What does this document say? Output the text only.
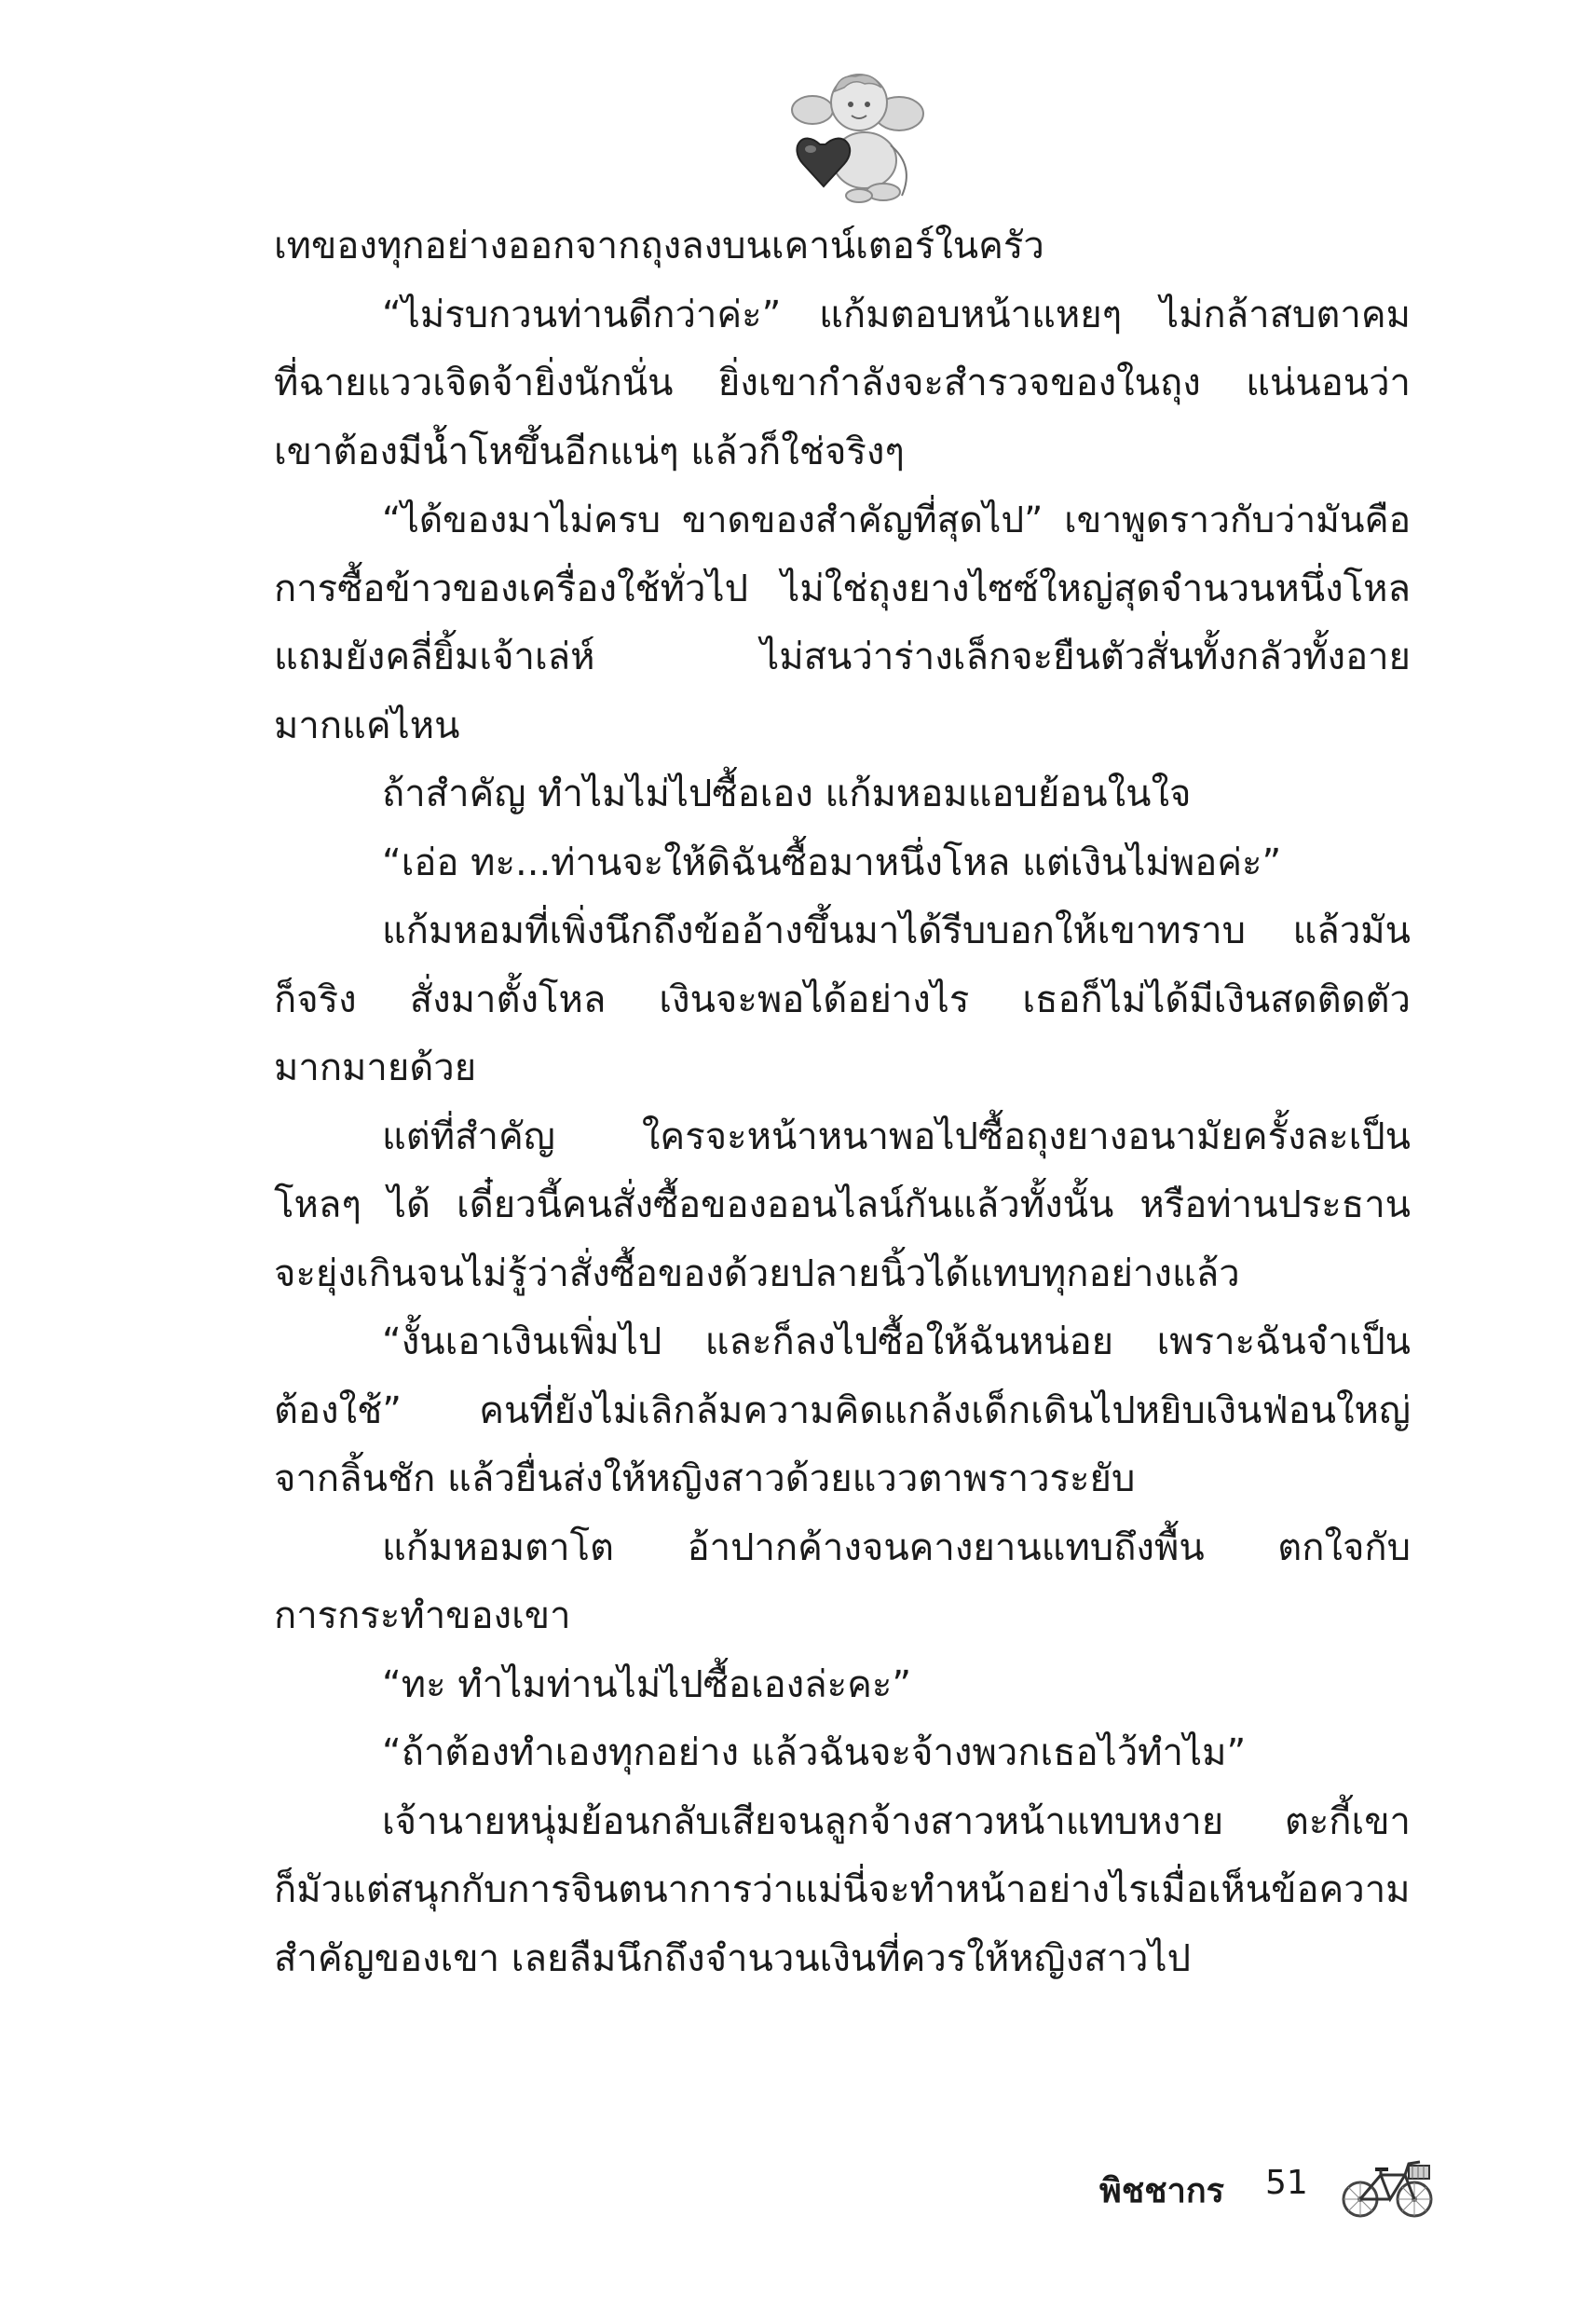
เทของทุกอย่างออกจากถุงลงบนเคาน์เตอร์ในครัว
“ไม่รบกวนท่านดีกว่าค่ะ” แก้มตอบหน้าแหยๆ ไม่กล้าสบตาคม
ที่ฉายแววเจิดจ้ายิ่งนักนั่น ยิ่งเขากำลังจะสำรวจของในถุง แน่นอนว่า
เขาต้องมีน้ำโหขึ้นอีกแน่ๆ แล้วก็ใช่จริงๆ
“ได้ของมาไม่ครบ ขาดของสำคัญที่สุดไป” เขาพูดราวกับว่ามันคือ
การซื้อข้าวของเครื่องใช้ทั่วไป ไม่ใช่ถุงยางไซซ์ใหญ่สุดจำนวนหนึ่งโหล
แถมยังคลี่ยิ้มเจ้าเล่ห์ ไม่สนว่าร่างเล็กจะยืนตัวสั่นทั้งกลัวทั้งอาย
มากแค่ไหน
ถ้าสำคัญ ทำไมไม่ไปซื้อเอง แก้มหอมแอบย้อนในใจ
“เอ่อ ทะ...ท่านจะให้ดิฉันซื้อมาหนึ่งโหล แต่เงินไม่พอค่ะ”
แก้มหอมที่เพิ่งนึกถึงข้ออ้างขึ้นมาได้รีบบอกให้เขาทราบ แล้วมัน
ก็จริง สั่งมาตั้งโหล เงินจะพอได้อย่างไร เธอก็ไม่ได้มีเงินสดติดตัว
มากมายด้วย
แต่ที่สำคัญ ใครจะหน้าหนาพอไปซื้อถุงยางอนามัยครั้งละเป็น
โหลๆ ได้ เดี๋ยวนี้คนสั่งซื้อของออนไลน์กันแล้วทั้งนั้น หรือท่านประธาน
จะยุ่งเกินจนไม่รู้ว่าสั่งซื้อของด้วยปลายนิ้วได้แทบทุกอย่างแล้ว
“งั้นเอาเงินเพิ่มไป และก็ลงไปซื้อให้ฉันหน่อย เพราะฉันจำเป็น
ต้องใช้” คนที่ยังไม่เลิกล้มความคิดแกล้งเด็กเดินไปหยิบเงินฟ่อนใหญ่
จากลิ้นชัก แล้วยื่นส่งให้หญิงสาวด้วยแววตาพราวระยับ
แก้มหอมตาโต อ้าปากค้างจนคางยานแทบถึงพื้น ตกใจกับ
การกระทำของเขา
“ทะ ทำไมท่านไม่ไปซื้อเองล่ะคะ”
“ถ้าต้องทำเองทุกอย่าง แล้วฉันจะจ้างพวกเธอไว้ทำไม”
เจ้านายหนุ่มย้อนกลับเสียจนลูกจ้างสาวหน้าแทบหงาย ตะกี้เขา
ก็มัวแต่สนุกกับการจินตนาการว่าแม่นี่จะทำหน้าอย่างไรเมื่อเห็นข้อความ
สำคัญของเขา เลยลืมนึกถึงจำนวนเงินที่ควรให้หญิงสาวไป
พิชชากร 51
